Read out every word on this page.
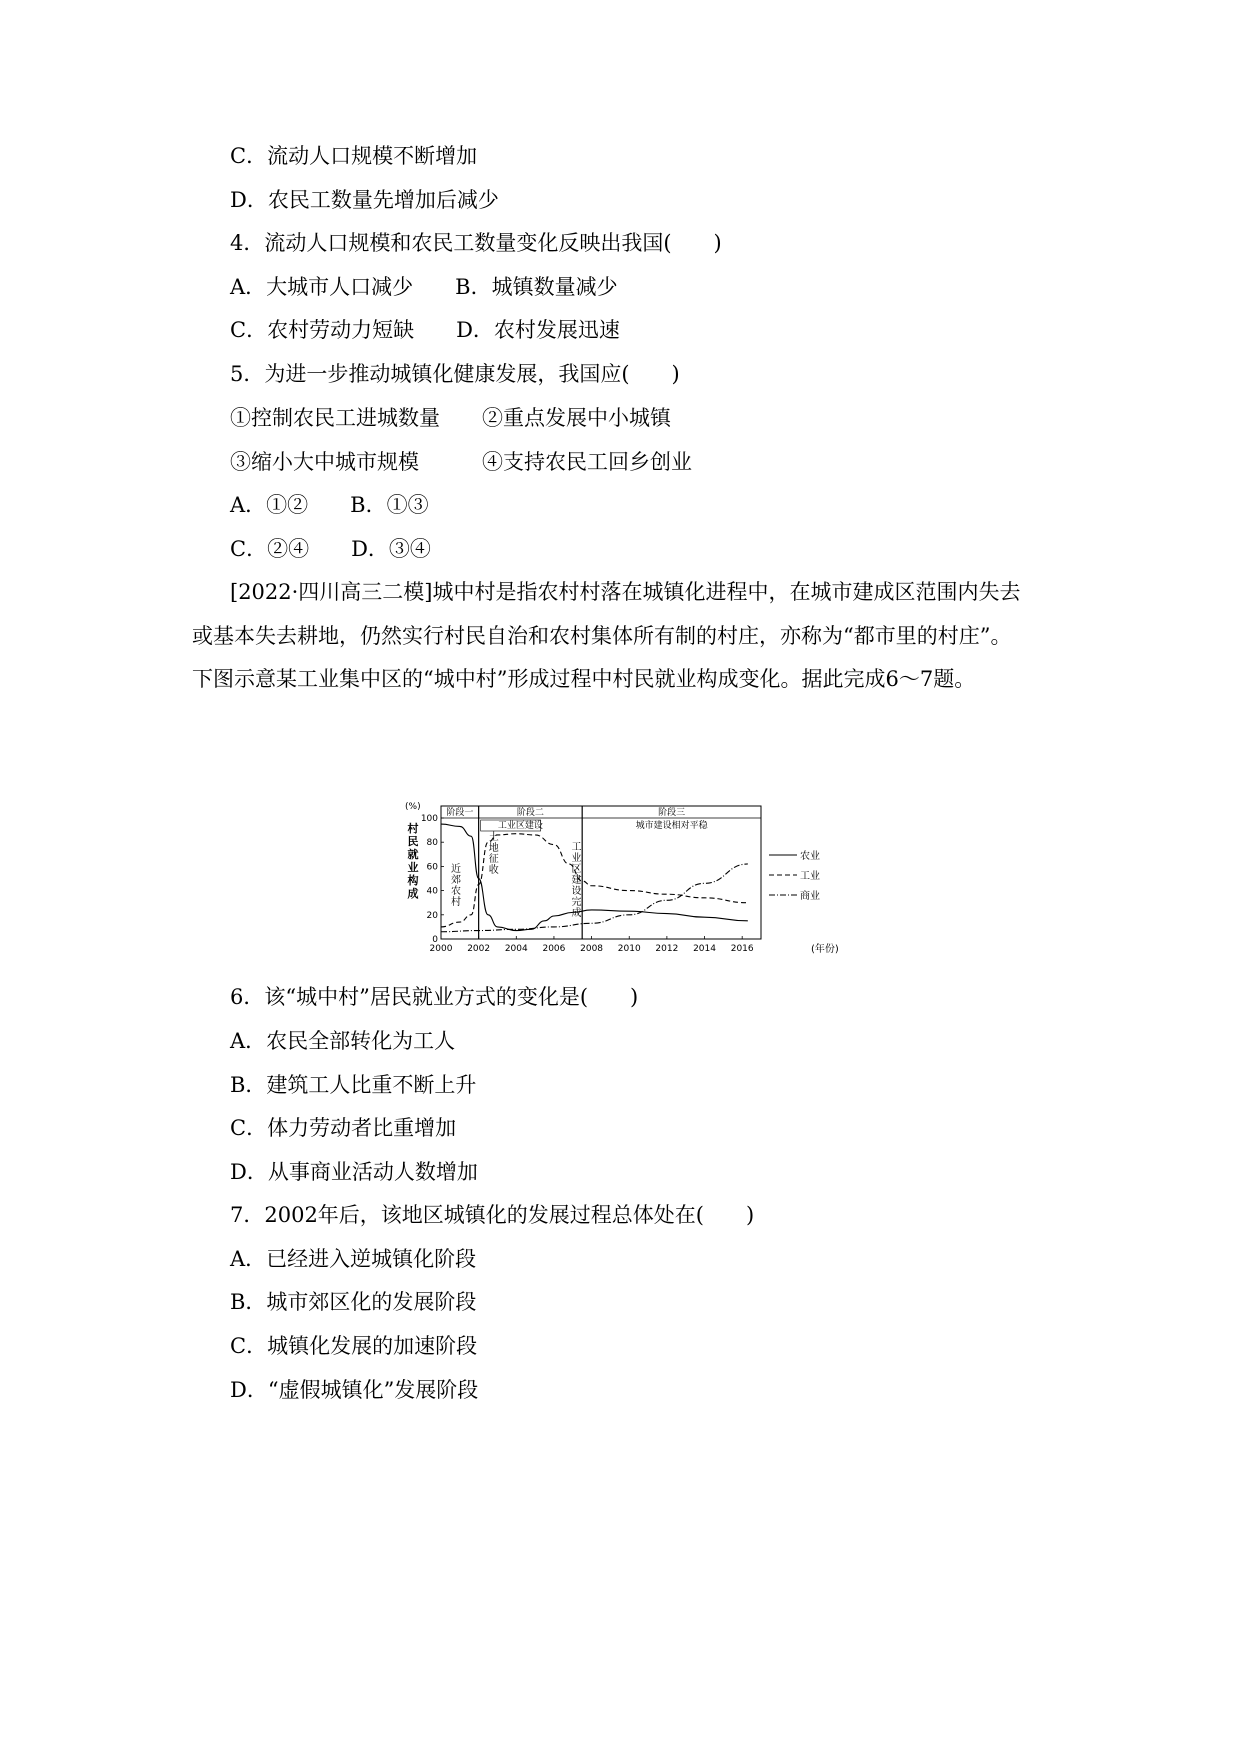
C．流动人口规模不断增加
D．农民工数量先增加后减少
4．流动人口规模和农民工数量变化反映出我国(　　)
A．大城市人口减少　　B．城镇数量减少
C．农村劳动力短缺　　D．农村发展迅速
5．为进一步推动城镇化健康发展，我国应(　　)
①控制农民工进城数量　　②重点发展中小城镇
③缩小大中城市规模　　　④支持农民工回乡创业
A．①②　　B．①③
C．②④　　D．③④
[2022·四川高三二模]城中村是指农村村落在城镇化进程中，在城市建成区范围内失去
或基本失去耕地，仍然实行村民自治和农村集体所有制的村庄，亦称为“都市里的村庄”。
下图示意某工业集中区的“城中村”形成过程中村民就业构成变化。据此完成6～7题。
(%)
村民就业构成
(年份)
阶段一	阶段二	阶段三
工业区建设	城市建设相对平稳
近郊农村
土地征收
工业区建设完成
0
20
40
60
80
100
2000 2002 2004 2006 2008 2010 2012 2014 2016
农业
工业
商业
6．该“城中村”居民就业方式的变化是(　　)
A．农民全部转化为工人
B．建筑工人比重不断上升
C．体力劳动者比重增加
D．从事商业活动人数增加
7．2002年后，该地区城镇化的发展过程总体处在(　　)
A．已经进入逆城镇化阶段
B．城市郊区化的发展阶段
C．城镇化发展的加速阶段
D．“虚假城镇化”发展阶段
